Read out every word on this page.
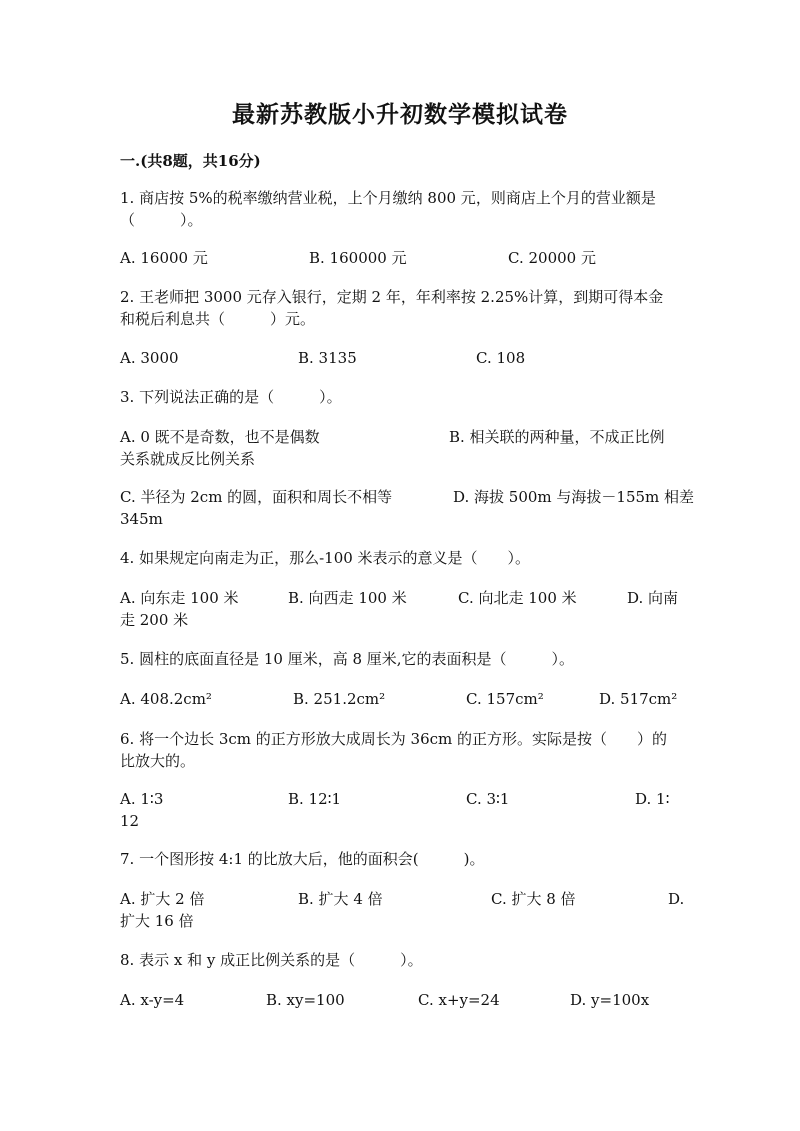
最新苏教版小升初数学模拟试卷
一.(共8题，共16分)
1. 商店按 5%的税率缴纳营业税，上个月缴纳 800 元，则商店上个月的营业额是
（　　　）。
A. 16000 元	B. 160000 元	C. 20000 元
2. 王老师把 3000 元存入银行，定期 2 年，年利率按 2.25%计算，到期可得本金
和税后利息共（　　　）元。
A. 3000	B. 3135	C. 108
3. 下列说法正确的是（　　　）。
A. 0 既不是奇数，也不是偶数	B. 相关联的两种量，不成正比例
关系就成反比例关系
C. 半径为 2cm 的圆，面积和周长不相等	D. 海拔 500m 与海拔－155m 相差
345m
4. 如果规定向南走为正，那么-100 米表示的意义是（　　）。
A. 向东走 100 米	B. 向西走 100 米	C. 向北走 100 米	D. 向南
走 200 米
5. 圆柱的底面直径是 10 厘米，高 8 厘米,它的表面积是（　　　）。
A. 408.2cm²	B. 251.2cm²	C. 157cm²	D. 517cm²
6. 将一个边长 3cm 的正方形放大成周长为 36cm 的正方形。实际是按（　　）的
比放大的。
A. 1∶3	B. 12∶1	C. 3∶1	D. 1∶
12
7. 一个图形按 4:1 的比放大后，他的面积会(　　　)。
A. 扩大 2 倍	B. 扩大 4 倍	C. 扩大 8 倍	D.
扩大 16 倍
8. 表示 x 和 y 成正比例关系的是（　　　）。
A. x-y=4	B. xy=100	C. x+y=24	D. y=100x
